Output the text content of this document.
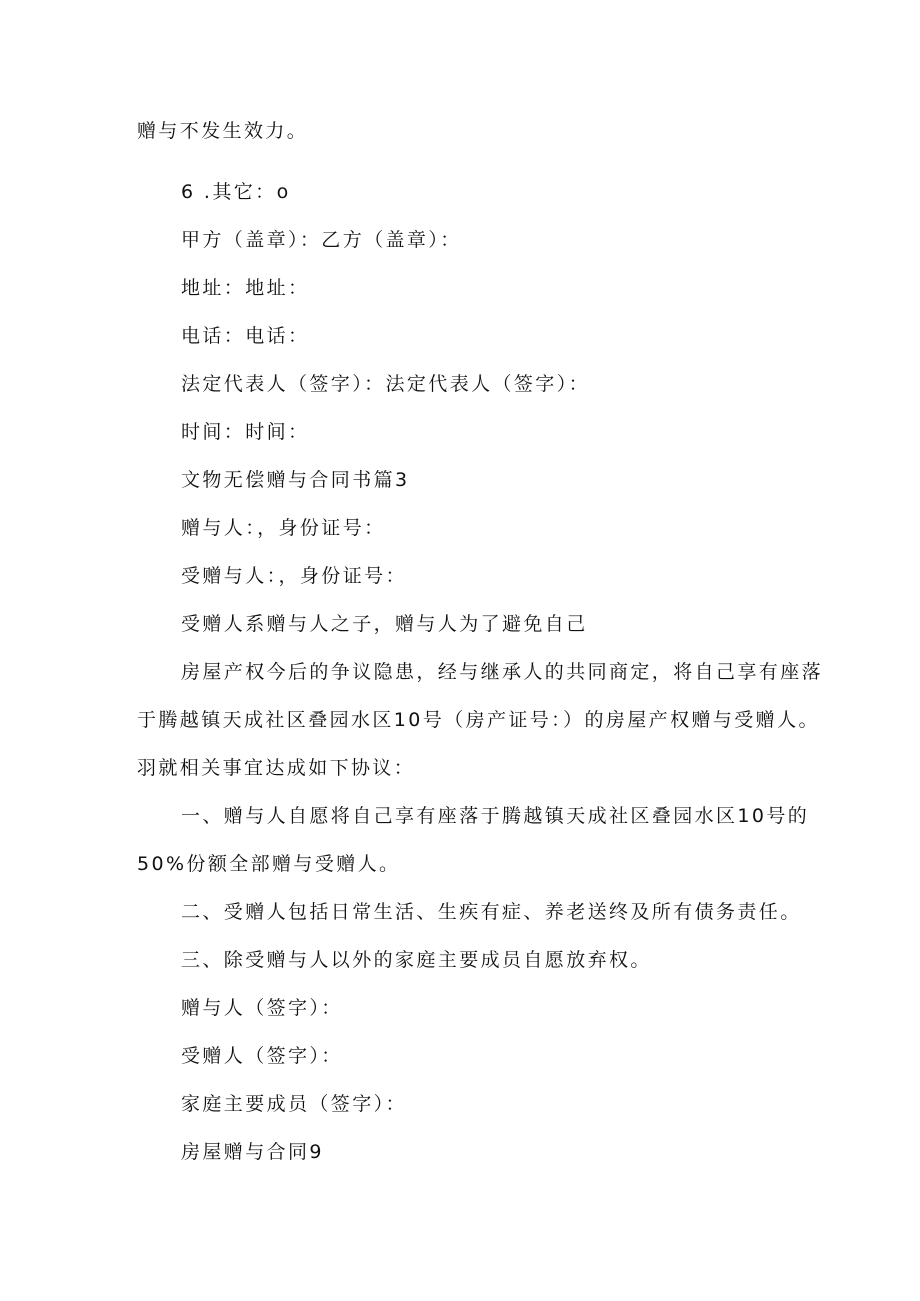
赠与不发生效力。

6 .其它：o

甲方（盖章）：乙方（盖章）：

地址：地址：

电话：电话：

法定代表人（签字）：法定代表人（签字）：

时间：时间：

文物无偿赠与合同书篇3

赠与人：，身份证号：

受赠与人：，身份证号：

受赠人系赠与人之子，赠与人为了避免自己

房屋产权今后的争议隐患，经与继承人的共同商定，将自己享有座落

于腾越镇天成社区叠园水区10号（房产证号：）的房屋产权赠与受赠人。

羽就相关事宜达成如下协议：

一、赠与人自愿将自己享有座落于腾越镇天成社区叠园水区10号的

50%份额全部赠与受赠人。

二、受赠人包括日常生活、生疾有症、养老送终及所有债务责任。

三、除受赠与人以外的家庭主要成员自愿放弃权。

赠与人（签字）：

受赠人（签字）：

家庭主要成员（签字）：

房屋赠与合同9
